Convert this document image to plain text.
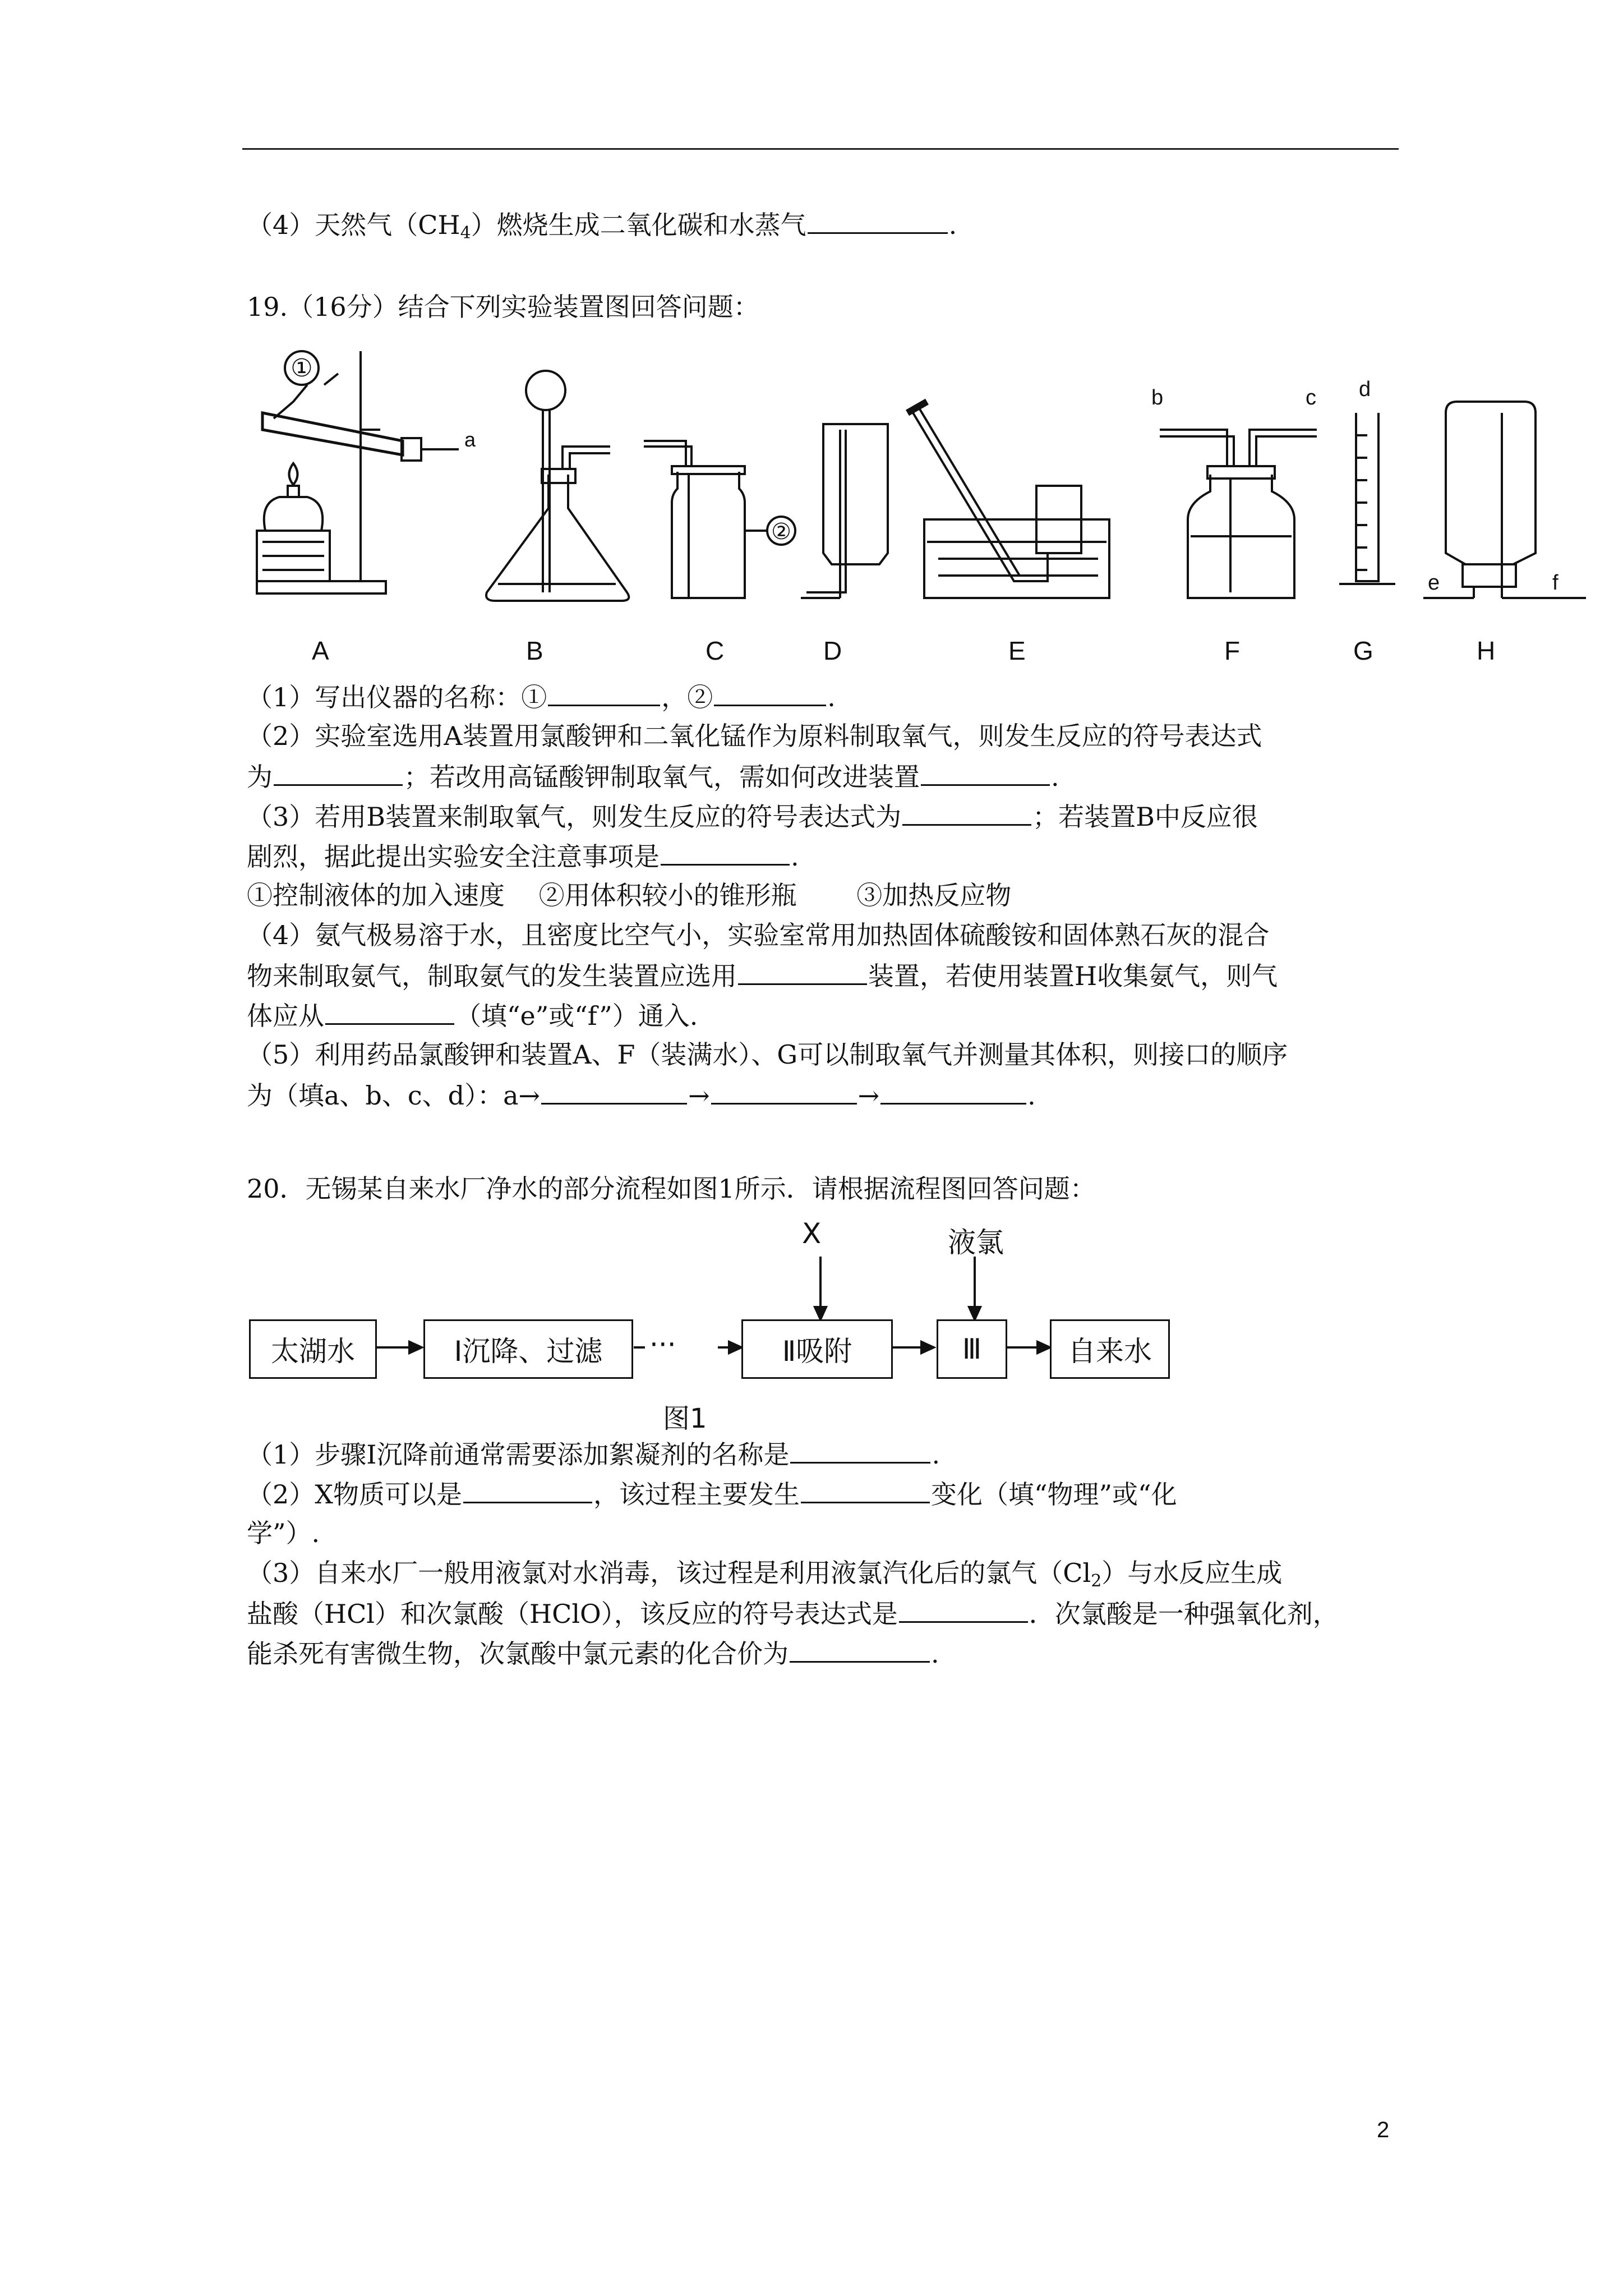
（4）天然气$(CH_4)$燃烧生成二氧化碳和水蒸气	.
19.（16分）结合下列实验装置图回答问题：
A
①
a
B	C
②
D	E	F
b	c
G
d
H
e	f
（1）写出仪器的名称：①	，②	.
（2）实验室选用A装置用氯酸钾和二氧化锰作为原料制取氧气，则发生反应的符号表达式
为	；若改用高锰酸钾制取氧气，需如何改进装置	.
（3）若用B装置来制取氧气，则发生反应的符号表达式为	；若装置B中反应很
剧烈，据此提出实验安全注意事项是	.
①控制液体的加入速度　 ②用体积较小的锥形瓶　　 ③加热反应物
（4）氨气极易溶于水，且密度比空气小，实验室常用加热固体硫酸铵和固体熟石灰的混合
物来制取氨气，制取氨气的发生装置应选用	装置，若使用装置H收集氨气，则气
体应从	（填“e”或“f”）通入.
（5）利用药品氯酸钾和装置A、F（装满水）、G可以制取氧气并测量其体积，则接口的顺序
为（填a、b、c、d）：a→	→	→	.
20．无锡某自来水厂净水的部分流程如图1所示．请根据流程图回答问题：
X	液氯
太湖水	Ⅰ沉降、过滤	···	Ⅱ吸附	Ⅲ	自来水
图1
（1）步骤Ⅰ沉降前通常需要添加絮凝剂的名称是	.
（2）X物质可以是	，该过程主要发生	变化（填“物理”或“化
学”）.
（3）自来水厂一般用液氯对水消毒，该过程是利用液氯汽化后的氯气$(Cl_2)$与水反应生成
盐酸（HCl）和次氯酸（HClO），该反应的符号表达式是	．次氯酸是一种强氧化剂，
能杀死有害微生物，次氯酸中氯元素的化合价为	.
2
